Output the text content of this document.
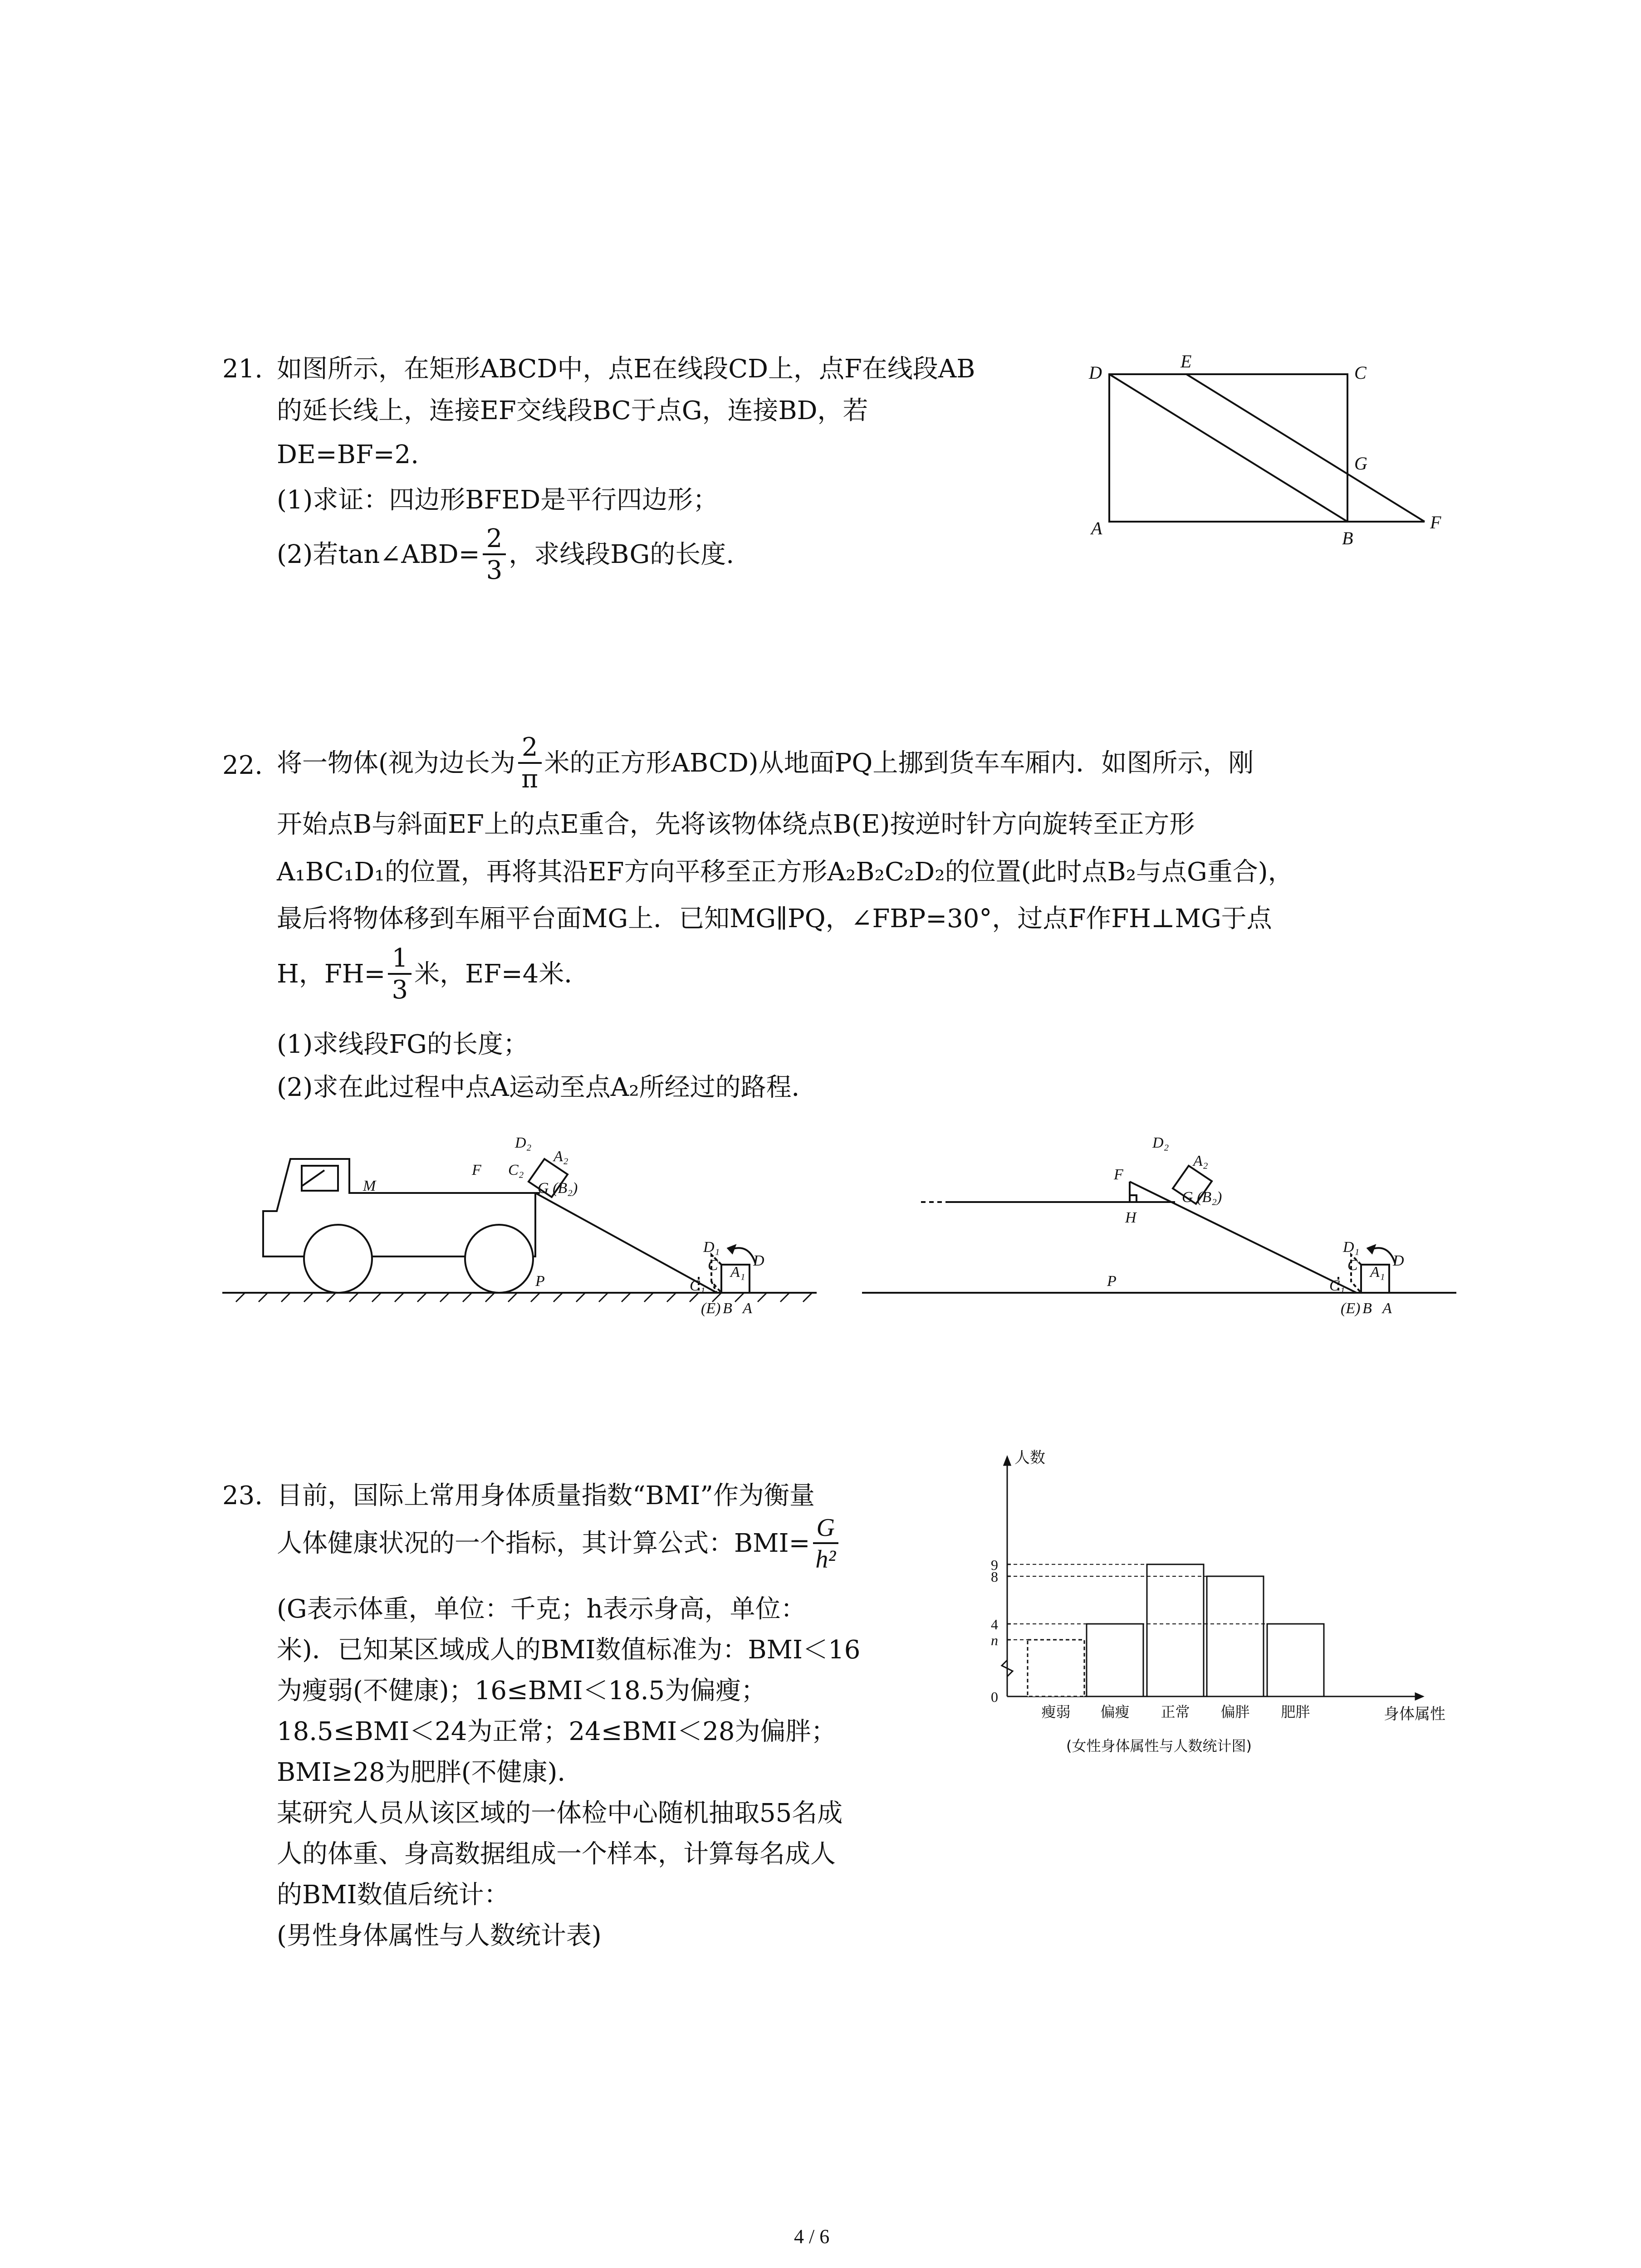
21. 如图所示，在矩形ABCD中，点E在线段CD上，点F在线段AB
的延长线上，连接EF交线段BC于点G，连接BD，若
DE=BF=2.
(1)求证：四边形BFED是平行四边形；
(2)若tan∠ABD= $\frac{2}{3}$ ，求线段BG的长度.
D
E
C
G
A	B
F
22. 将一物体(视为边长为 $\frac{2}{\pi}$ 米的正方形ABCD)从地面PQ上挪到货车车厢内．如图所示，刚
开始点B与斜面EF上的点E重合，先将该物体绕点B(E)按逆时针方向旋转至正方形
A₁BC₁D₁的位置，再将其沿EF方向平移至正方形A₂B₂C₂D₂的位置(此时点B₂与点G重合)，
最后将物体移到车厢平台面MG上．已知MG∥PQ，∠FBP=30°，过点F作FH⊥MG于点
H，$FH= \frac{1}{3}$ 米，EF=4米．
(1)求线段FG的长度；
(2)求在此过程中点A运动至点A₂所经过的路程．
D₂
A₂
F C₂
M	G (B₂)
D₁
C A₁
D
P	C₁
(E) B A
D₂
A₂
F
G (B₂)
H
D₁
C A₁
D
P	C₁
(E) B A
23. 目前，国际上常用身体质量指数“BMI”作为衡量
人体健康状况的一个指标，其计算公式：$BMI= \frac{G}{\text{h²}}$
(G表示体重，单位：千克；h表示身高，单位：
米)．已知某区域成人的BMI数值标准为：BMI＜16
为瘦弱(不健康)；16≤BMI＜18.5为偏瘦；
18.5≤BMI＜24为正常；24≤BMI＜28为偏胖；
BMI≥28为肥胖(不健康)．
某研究人员从该区域的一体检中心随机抽取55名成
人的体重、身高数据组成一个样本，计算每名成人
的BMI数值后统计：
(男性身体属性与人数统计表)
瘦弱 偏瘦 正常 偏胖 肥胖
0
n
4
8
9
人数
身体属性
(女性身体属性与人数统计图)
4 / 6
